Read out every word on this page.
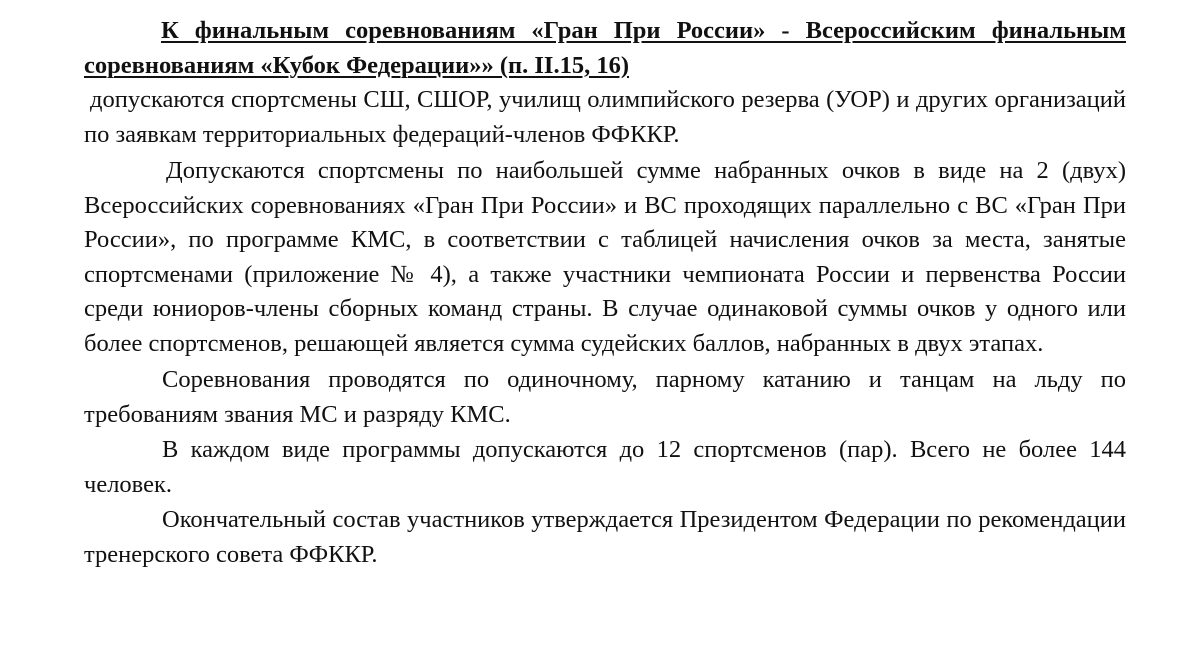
К финальным соревнованиям «Гран При России» - Всероссийским финальным соревнованиям «Кубок Федерации»» (п. II.15, 16)

допускаются спортсмены СШ, СШОР, училищ олимпийского резерва (УОР) и других организаций по заявкам территориальных федераций-членов ФФККР.

Допускаются спортсмены по наибольшей сумме набранных очков в виде на 2 (двух) Всероссийских соревнованиях «Гран При России» и ВС проходящих параллельно с ВС «Гран При России», по программе КМС, в соответствии с таблицей начисления очков за места, занятые спортсменами (приложение № 4), а также участники чемпионата России и первенства России среди юниоров-члены сборных команд страны. В случае одинаковой суммы очков у одного или более спортсменов, решающей является сумма судейских баллов, набранных в двух этапах.

Соревнования проводятся по одиночному, парному катанию и танцам на льду по требованиям звания МС и разряду КМС.

В каждом виде программы допускаются до 12 спортсменов (пар). Всего не более 144 человек.

Окончательный состав участников утверждается Президентом Федерации по рекомендации тренерского совета ФФККР.
